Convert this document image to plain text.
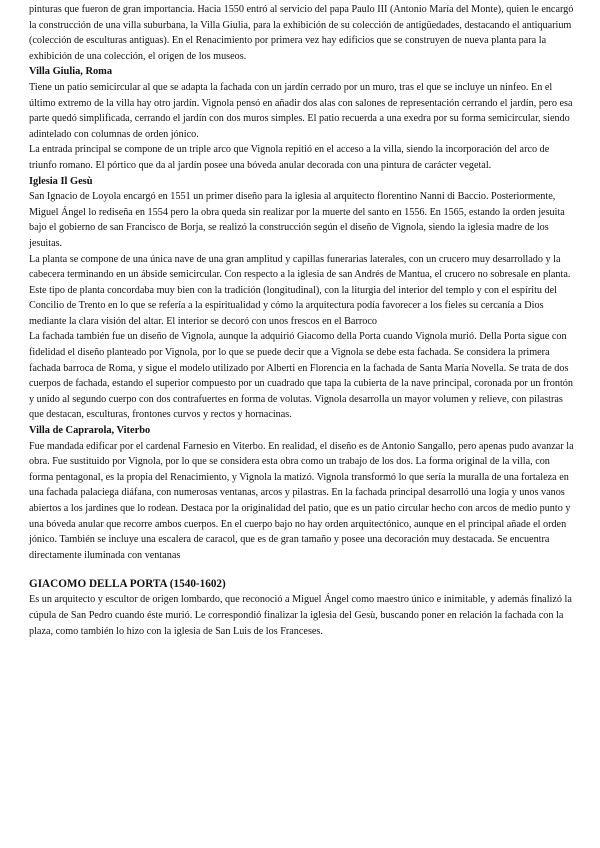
pinturas que fueron de gran importancia. Hacia 1550 entró al servicio del papa Paulo III (Antonio María del Monte), quien le encargó la construcción de una villa suburbana, la Villa Giulia, para la exhibición de su colección de antigüedades, destacando el antiquarium (colección de esculturas antiguas). En el Renacimiento por primera vez hay edificios que se construyen de nueva planta para la exhibición de una colección, el origen de los museos.

Villa Giulia, Roma

Tiene un patio semicircular al que se adapta la fachada con un jardín cerrado por un muro, tras el que se incluye un ninfeo. En el último extremo de la villa hay otro jardín. Vignola pensó en añadir dos alas con salones de representación cerrando el jardín, pero esa parte quedó simplificada, cerrando el jardín con dos muros simples. El patio recuerda a una exedra por su forma semicircular, siendo adintelado con columnas de orden jónico.

La entrada principal se compone de un triple arco que Vignola repitió en el acceso a la villa, siendo la incorporación del arco de triunfo romano. El pórtico que da al jardín posee una bóveda anular decorada con una pintura de carácter vegetal.

Iglesia Il Gesù

San Ignacio de Loyola encargó en 1551 un primer diseño para la iglesia al arquitecto florentino Nanni di Baccio. Posteriormente, Miguel Ángel lo rediseña en 1554 pero la obra queda sin realizar por la muerte del santo en 1556. En 1565, estando la orden jesuita bajo el gobierno de san Francisco de Borja, se realizó la construcción según el diseño de Vignola, siendo la iglesia madre de los jesuitas.

La planta se compone de una única nave de una gran amplitud y capillas funerarias laterales, con un crucero muy desarrollado y la cabecera terminando en un ábside semicircular. Con respecto a la iglesia de san Andrés de Mantua, el crucero no sobresale en planta. Este tipo de planta concordaba muy bien con la tradición (longitudinal), con la liturgia del interior del templo y con el espíritu del Concilio de Trento en lo que se refería a la espiritualidad y cómo la arquitectura podía favorecer a los fieles su cercanía a Dios mediante la clara visión del altar. El interior se decoró con unos frescos en el Barroco

La fachada también fue un diseño de Vignola, aunque la adquirió Giacomo della Porta cuando Vignola murió. Della Porta sigue con fidelidad el diseño planteado por Vignola, por lo que se puede decir que a Vignola se debe esta fachada. Se considera la primera fachada barroca de Roma, y sigue el modelo utilizado por Alberti en Florencia en la fachada de Santa María Novella. Se trata de dos cuerpos de fachada, estando el superior compuesto por un cuadrado que tapa la cubierta de la nave principal, coronada por un frontón y unido al segundo cuerpo con dos contrafuertes en forma de volutas. Vignola desarrolla un mayor volumen y relieve, con pilastras que destacan, esculturas, frontones curvos y rectos y hornacinas.

Villa de Caprarola, Viterbo

Fue mandada edificar por el cardenal Farnesio en Viterbo. En realidad, el diseño es de Antonio Sangallo, pero apenas pudo avanzar la obra. Fue sustituido por Vignola, por lo que se considera esta obra como un trabajo de los dos. La forma original de la villa, con forma pentagonal, es la propia del Renacimiento, y Vignola la matizó. Vignola transformó lo que sería la muralla de una fortaleza en una fachada palaciega diáfana, con numerosas ventanas, arcos y pilastras. En la fachada principal desarrolló una logia y unos vanos abiertos a los jardines que lo rodean. Destaca por la originalidad del patio, que es un patio circular hecho con arcos de medio punto y una bóveda anular que recorre ambos cuerpos. En el cuerpo bajo no hay orden arquitectónico, aunque en el principal añade el orden jónico. También se incluye una escalera de caracol, que es de gran tamaño y posee una decoración muy destacada. Se encuentra directamente iluminada con ventanas

GIACOMO DELLA PORTA (1540-1602)

Es un arquitecto y escultor de origen lombardo, que reconoció a Miguel Ángel como maestro único e inimitable, y además finalizó la cúpula de San Pedro cuando éste murió. Le correspondió finalizar la iglesia del Gesù, buscando poner en relación la fachada con la plaza, como también lo hizo con la iglesia de San Luis de los Franceses.
